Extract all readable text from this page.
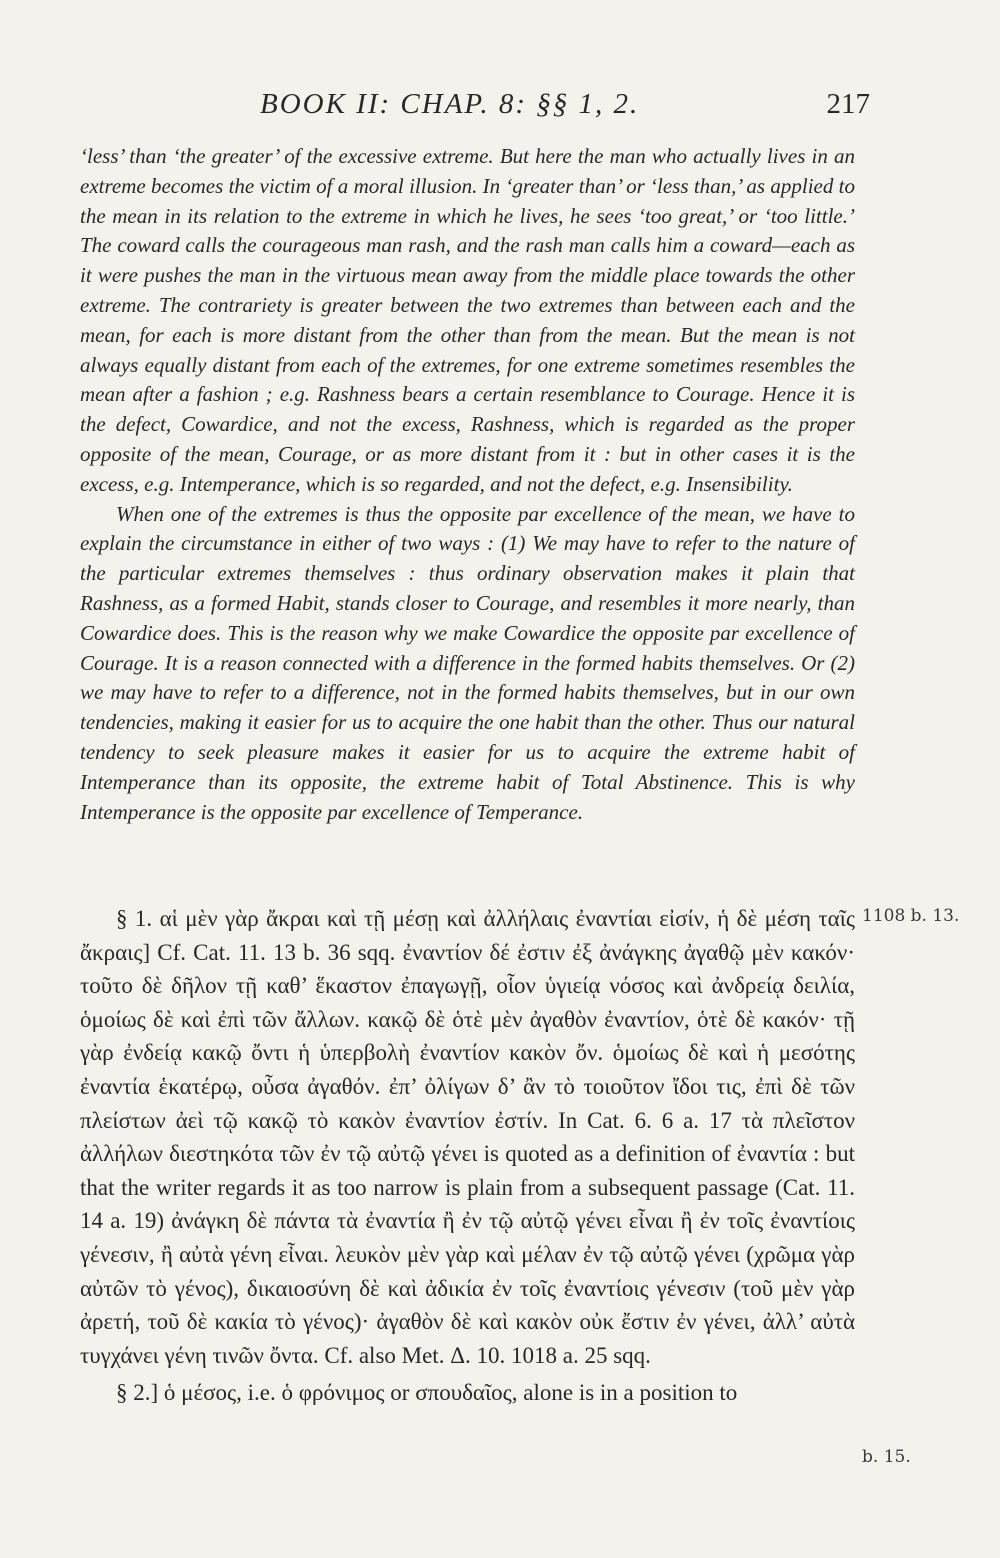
BOOK II: CHAP. 8: §§ 1, 2.	217

‘less’ than ‘the greater’ of the excessive extreme. But here the man who actually lives in an extreme becomes the victim of a moral illusion. In ‘greater than’ or ‘less than,’ as applied to the mean in its relation to the extreme in which he lives, he sees ‘too great,’ or ‘too little.’ The coward calls the courageous man rash, and the rash man calls him a coward—each as it were pushes the man in the virtuous mean away from the middle place towards the other extreme. The contrariety is greater between the two extremes than between each and the mean, for each is more distant from the other than from the mean. But the mean is not always equally distant from each of the extremes, for one extreme sometimes resembles the mean after a fashion ; e.g. Rashness bears a certain resemblance to Courage. Hence it is the defect, Cowardice, and not the excess, Rashness, which is regarded as the proper opposite of the mean, Courage, or as more distant from it : but in other cases it is the excess, e.g. Intemperance, which is so regarded, and not the defect, e.g. Insensibility.

When one of the extremes is thus the opposite par excellence of the mean, we have to explain the circumstance in either of two ways : (1) We may have to refer to the nature of the particular extremes themselves : thus ordinary observation makes it plain that Rashness, as a formed Habit, stands closer to Courage, and resembles it more nearly, than Cowardice does. This is the reason why we make Cowardice the opposite par excellence of Courage. It is a reason connected with a difference in the formed habits themselves. Or (2) we may have to refer to a difference, not in the formed habits themselves, but in our own tendencies, making it easier for us to acquire the one habit than the other. Thus our natural tendency to seek pleasure makes it easier for us to acquire the extreme habit of Intemperance than its opposite, the extreme habit of Total Abstinence. This is why Intemperance is the opposite par excellence of Temperance.

§ 1. αἱ μὲν γὰρ ἄκραι καὶ τῇ μέσῃ καὶ ἀλλήλαις ἐναντίαι εἰσίν, ἡ δὲ μέση ταῖς ἄκραις] Cf. Cat. 11. 13 b. 36 sqq. ἐναντίον δέ ἐστιν ἐξ ἀνάγκης ἀγαθῷ μὲν κακόν· τοῦτο δὲ δῆλον τῇ καθ’ ἕκαστον ἐπαγωγῇ, οἷον ὑγιείᾳ νόσος καὶ ἀνδρείᾳ δειλία, ὁμοίως δὲ καὶ ἐπὶ τῶν ἄλλων. κακῷ δὲ ὁτὲ μὲν ἀγαθὸν ἐναντίον, ὁτὲ δὲ κακόν· τῇ γὰρ ἐνδείᾳ κακῷ ὄντι ἡ ὑπερβολὴ ἐναντίον κακὸν ὄν. ὁμοίως δὲ καὶ ἡ μεσότης ἐναντία ἑκατέρῳ, οὖσα ἀγαθόν. ἐπ’ ὀλίγων δ’ ἂν τὸ τοιοῦτον ἴδοι τις, ἐπὶ δὲ τῶν πλείστων ἀεὶ τῷ κακῷ τὸ κακὸν ἐναντίον ἐστίν. In Cat. 6. 6 a. 17 τὰ πλεῖστον ἀλλήλων διεστηκότα τῶν ἐν τῷ αὐτῷ γένει is quoted as a definition of ἐναντία : but that the writer regards it as too narrow is plain from a subsequent passage (Cat. 11. 14 a. 19) ἀνάγκη δὲ πάντα τὰ ἐναντία ἢ ἐν τῷ αὐτῷ γένει εἶναι ἢ ἐν τοῖς ἐναντίοις γένεσιν, ἢ αὐτὰ γένη εἶναι. λευκὸν μὲν γὰρ καὶ μέλαν ἐν τῷ αὐτῷ γένει (χρῶμα γὰρ αὐτῶν τὸ γένος), δικαιοσύνη δὲ καὶ ἀδικία ἐν τοῖς ἐναντίοις γένεσιν (τοῦ μὲν γὰρ ἀρετή, τοῦ δὲ κακία τὸ γένος)· ἀγαθὸν δὲ καὶ κακὸν οὐκ ἔστιν ἐν γένει, ἀλλ’ αὐτὰ τυγχάνει γένη τινῶν ὄντα. Cf. also Met. Δ. 10. 1018 a. 25 sqq.

§ 2.] ὁ μέσος, i.e. ὁ φρόνιμος or σπουδαῖος, alone is in a position to

1108 b. 13.
b. 15.
